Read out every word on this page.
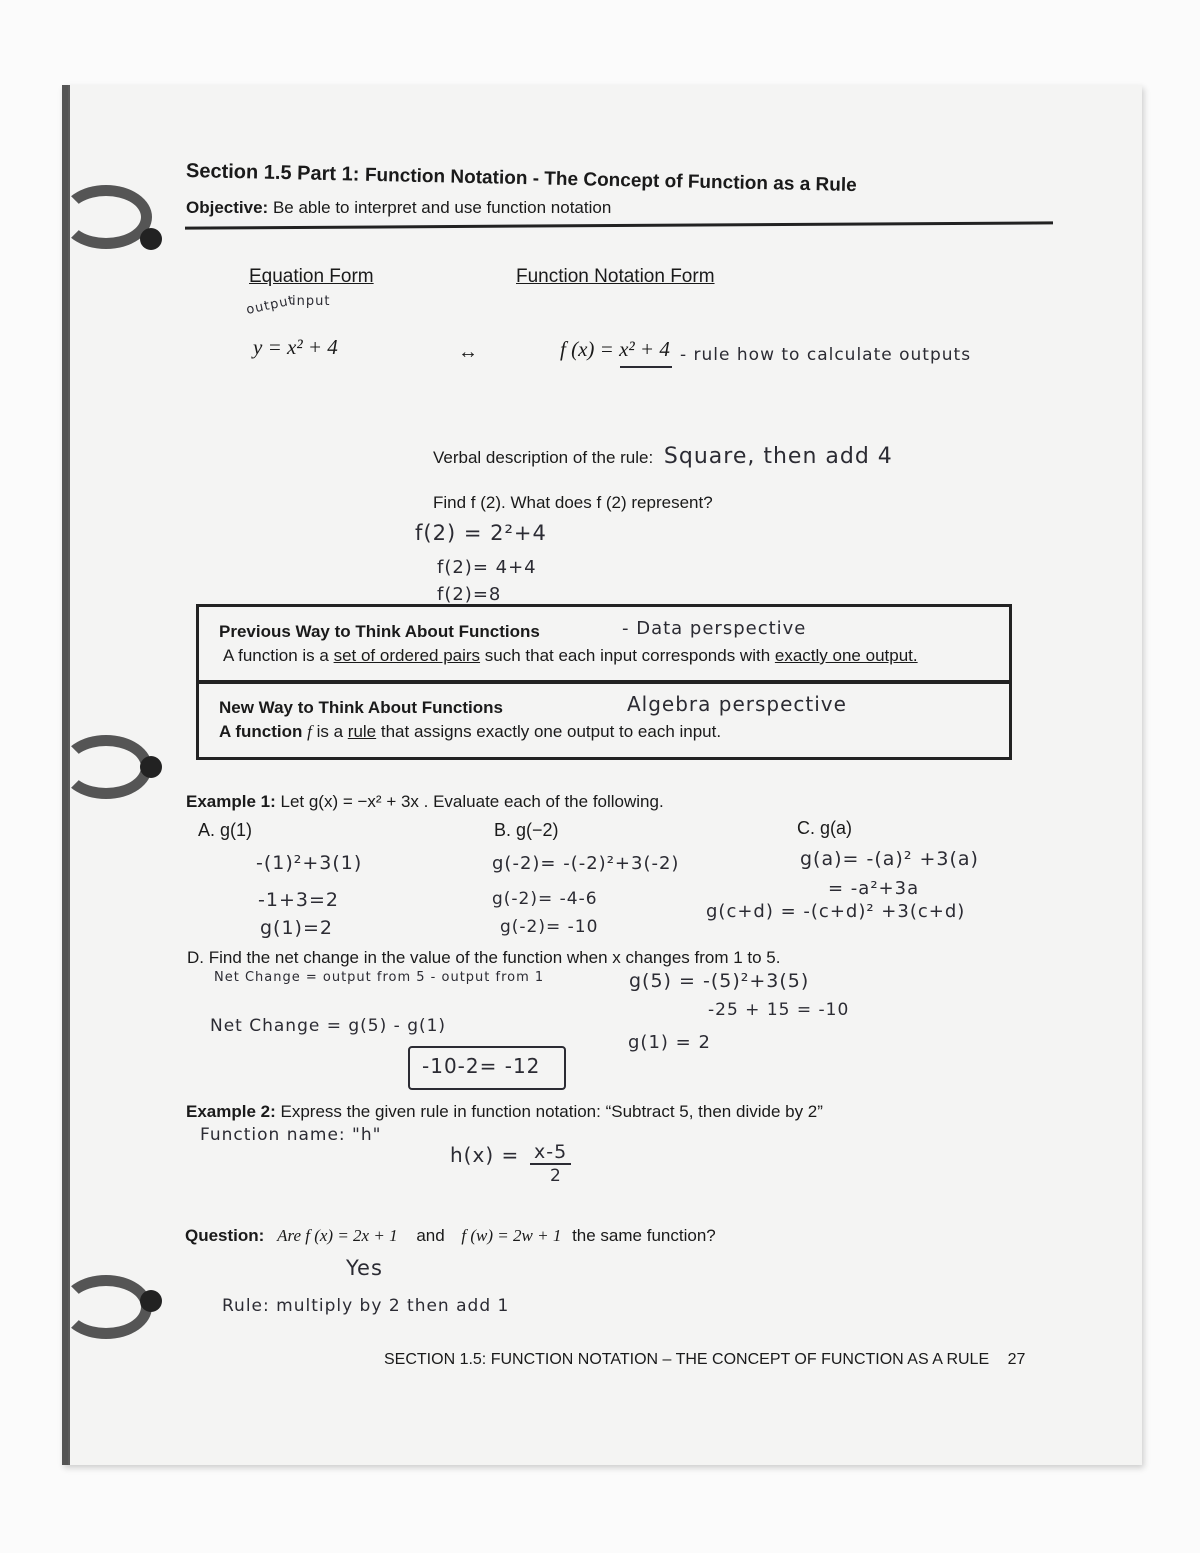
Section 1.5 Part 1: Function Notation - The Concept of Function as a Rule
Objective: Be able to interpret and use function notation
Equation Form	Function Notation Form
output
input
y = x² + 4	↔	f (x) = x² + 4 - rule how to calculate outputs
Verbal description of the rule: Square, then add 4
Find f (2). What does f (2) represent?
f(2) = 2²+4
f(2)= 4+4
f(2)=8
Previous Way to Think About Functions	- Data perspective
A function is a set of ordered pairs such that each input corresponds with exactly one output.
New Way to Think About Functions	Algebra perspective
A function f is a rule that assigns exactly one output to each input.
Example 1: Let g(x) = −x² + 3x . Evaluate each of the following.
A. g(1)	B. g(−2)	C. g(a)
-(1)²+3(1)
-1+3=2
g(1)=2
g(-2)= -(-2)²+3(-2)
g(-2)= -4-6
g(-2)= -10
g(a)= -(a)² +3(a)
= -a²+3a
g(c+d) = -(c+d)² +3(c+d)
D. Find the net change in the value of the function when x changes from 1 to 5.
Net Change = output from 5 - output from 1
Net Change = g(5) - g(1)
-10-2= -12
g(5) = -(5)²+3(5)
-25 + 15 = -10
g(1) = 2
Example 2: Express the given rule in function notation: “Subtract 5, then divide by 2”
Function name: "h"
h(x) = x-5
2
Question: Are f (x) = 2x + 1 and f (w) = 2w + 1 the same function?
Yes
Rule: multiply by 2 then add 1
SECTION 1.5: FUNCTION NOTATION – THE CONCEPT OF FUNCTION AS A RULE 27
